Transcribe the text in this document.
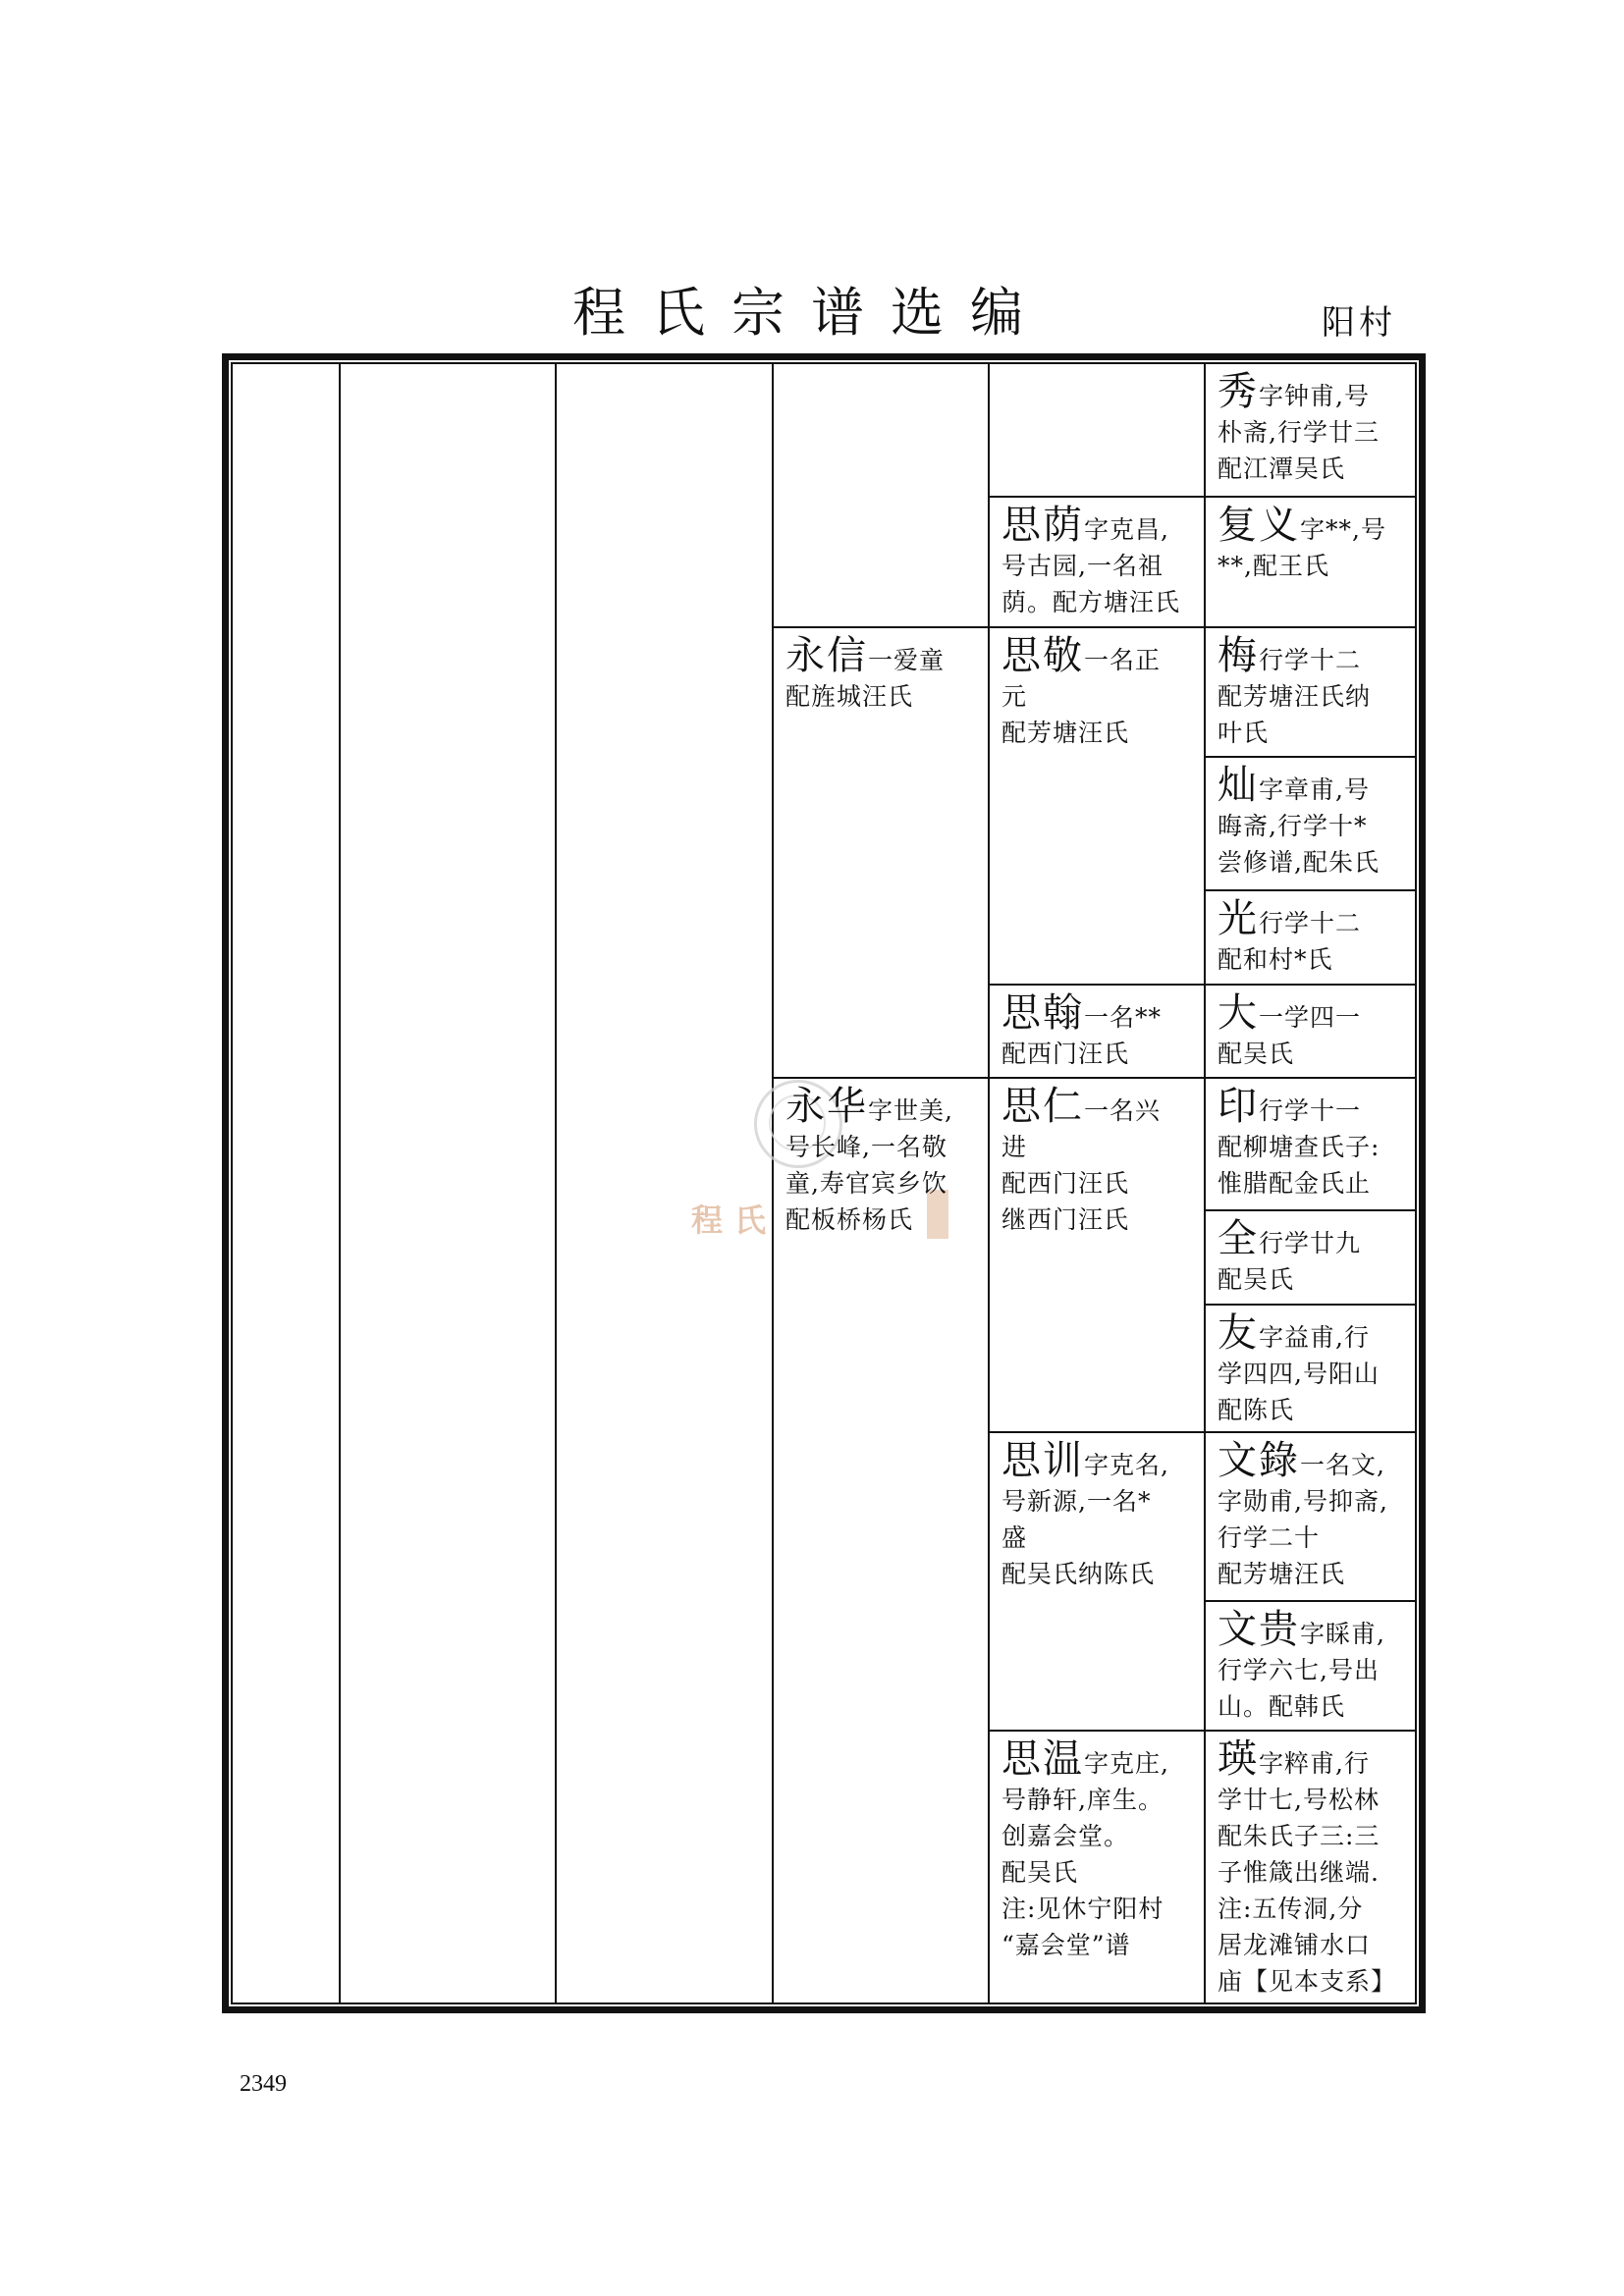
程氏宗谱选编	阳村
程氏
永信一爱童
配旌城汪氏
永华字世美,
号长峰,一名敬
童,寿官宾乡饮
配板桥杨氏
思荫字克昌,
号古园,一名祖
荫。配方塘汪氏
思敬一名正
元
配芳塘汪氏
思翰一名**
配西门汪氏
思仁一名兴
进
配西门汪氏
继西门汪氏
思训字克名,
号新源,一名*
盛
配吴氏纳陈氏
思温字克庄,
号静轩,庠生。
创嘉会堂。
配吴氏
注:见休宁阳村
“嘉会堂”谱
秀字钟甫,号
朴斋,行学廿三
配江潭吴氏
复义字**,号
**,配王氏
梅行学十二
配芳塘汪氏纳
叶氏
灿字章甫,号
晦斋,行学十*
尝修谱,配朱氏
光行学十二
配和村*氏
大一学四一
配吴氏
印行学十一
配柳塘查氏子:
惟腊配金氏止
全行学廿九
配吴氏
友字益甫,行
学四四,号阳山
配陈氏
文錄一名文,
字勋甫,号抑斋,
行学二十
配芳塘汪氏
文贵字睬甫,
行学六七,号出
山。配韩氏
瑛字粹甫,行
学廿七,号松林
配朱氏子三:三
子惟箴出继端.
注:五传洞,分
居龙滩铺水口
庙【见本支系】
2349
